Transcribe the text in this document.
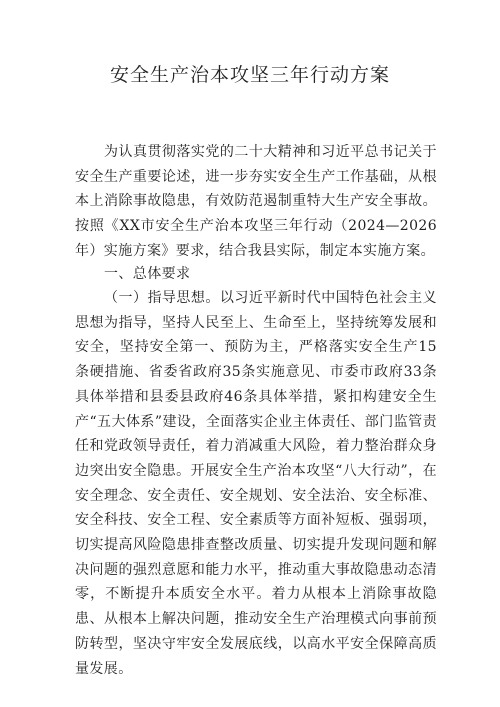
安全生产治本攻坚三年行动方案
为认真贯彻落实党的二十大精神和习近平总书记关于安全生产重要论述，进一步夯实安全生产工作基础，从根本上消除事故隐患，有效防范遏制重特大生产安全事故。按照《XX市安全生产治本攻坚三年行动（2024—2026年）实施方案》要求，结合我县实际，制定本实施方案。
一、总体要求
（一）指导思想。以习近平新时代中国特色社会主义思想为指导，坚持人民至上、生命至上，坚持统筹发展和安全，坚持安全第一、预防为主，严格落实安全生产15条硬措施、省委省政府35条实施意见、市委市政府33条具体举措和县委县政府46条具体举措，紧扣构建安全生产“五大体系”建设，全面落实企业主体责任、部门监管责任和党政领导责任，着力消减重大风险，着力整治群众身边突出安全隐患。开展安全生产治本攻坚“八大行动”，在安全理念、安全责任、安全规划、安全法治、安全标准、安全科技、安全工程、安全素质等方面补短板、强弱项，切实提高风险隐患排查整改质量、切实提升发现问题和解决问题的强烈意愿和能力水平，推动重大事故隐患动态清零，不断提升本质安全水平。着力从根本上消除事故隐患、从根本上解决问题，推动安全生产治理模式向事前预防转型，坚决守牢安全发展底线，以高水平安全保障高质量发展。
